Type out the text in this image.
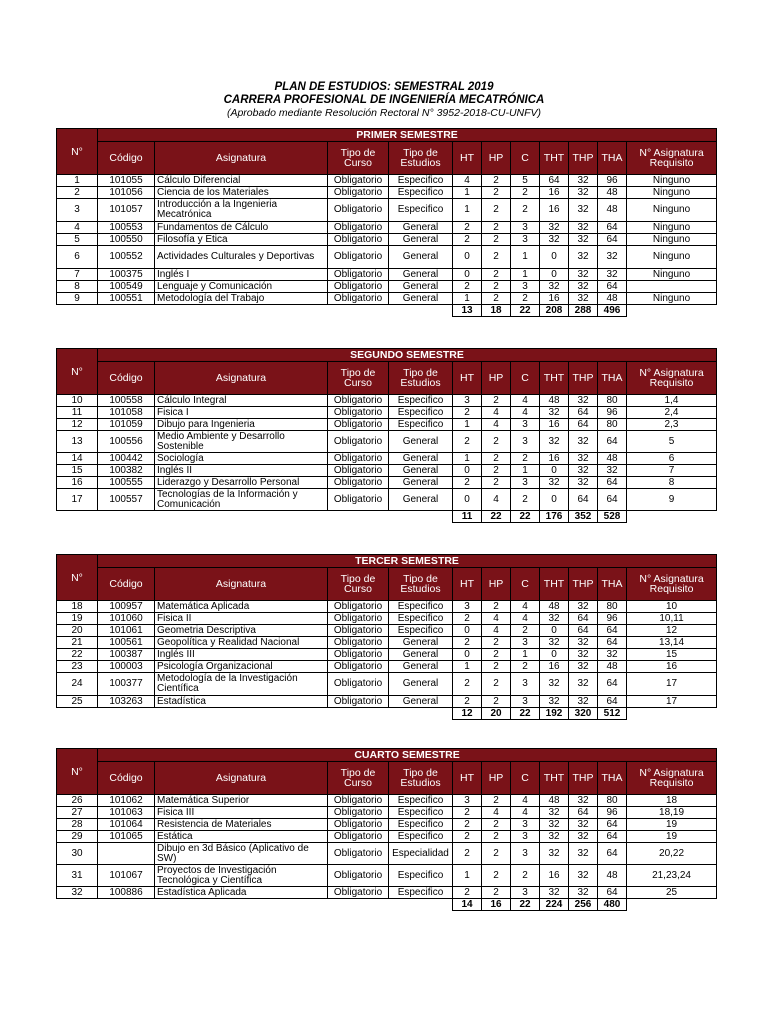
PLAN DE ESTUDIOS: SEMESTRAL 2019
CARRERA PROFESIONAL DE INGENIERÍA MECATRÓNICA
(Aprobado mediante Resolución Rectoral N° 3952-2018-CU-UNFV)
N°	PRIMER SEMESTRE										
	Código	Asignatura	Tipo de Curso	Tipo de Estudios	HT	HP	C	THT	THP	THA	N° Asignatura Requisito
1	101055	Cálculo Diferencial	Obligatorio	Especifico	4	2	5	64	32	96	Ninguno
2	101056	Ciencia de los Materiales	Obligatorio	Especifico	1	2	2	16	32	48	Ninguno
3	101057	Introducción a la Ingenieria Mecatrónica	Obligatorio	Especifico	1	2	2	16	32	48	Ninguno
4	100553	Fundamentos de Cálculo	Obligatorio	General	2	2	3	32	32	64	Ninguno
5	100550	Filosofía y Etica	Obligatorio	General	2	2	3	32	32	64	Ninguno
6	100552	Actividades Culturales y Deportivas	Obligatorio	General	0	2	1	0	32	32	Ninguno
7	100375	Inglés I	Obligatorio	General	0	2	1	0	32	32	Ninguno
8	100549	Lenguaje y Comunicación	Obligatorio	General	2	2	3	32	32	64	
9	100551	Metodología del Trabajo	Obligatorio	General	1	2	2	16	32	48	Ninguno
					13	18	22	208	288	496	
N°	SEGUNDO SEMESTRE										
	Código	Asignatura	Tipo de Curso	Tipo de Estudios	HT	HP	C	THT	THP	THA	N° Asignatura Requisito
10	100558	Cálculo Integral	Obligatorio	Especifico	3	2	4	48	32	80	1,4
11	101058	Fisica I	Obligatorio	Especifico	2	4	4	32	64	96	2,4
12	101059	Dibujo para Ingenieria	Obligatorio	Especifico	1	4	3	16	64	80	2,3
13	100556	Medio Ambiente y Desarrollo Sostenible	Obligatorio	General	2	2	3	32	32	64	5
14	100442	Sociología	Obligatorio	General	1	2	2	16	32	48	6
15	100382	Inglés II	Obligatorio	General	0	2	1	0	32	32	7
16	100555	Liderazgo y Desarrollo Personal	Obligatorio	General	2	2	3	32	32	64	8
17	100557	Tecnologías de la Información y Comunicación	Obligatorio	General	0	4	2	0	64	64	9
					11	22	22	176	352	528	
N°	TERCER SEMESTRE										
	Código	Asignatura	Tipo de Curso	Tipo de Estudios	HT	HP	C	THT	THP	THA	N° Asignatura Requisito
18	100957	Matemática Aplicada	Obligatorio	Especifico	3	2	4	48	32	80	10
19	101060	Fisica II	Obligatorio	Especifico	2	4	4	32	64	96	10,11
20	101061	Geometria Descriptiva	Obligatorio	Especifico	0	4	2	0	64	64	12
21	100561	Geopolítica y Realidad Nacional	Obligatorio	General	2	2	3	32	32	64	13,14
22	100387	Inglés III	Obligatorio	General	0	2	1	0	32	32	15
23	100003	Psicología Organizacional	Obligatorio	General	1	2	2	16	32	48	16
24	100377	Metodología de la Investigación Científica	Obligatorio	General	2	2	3	32	32	64	17
25	103263	Estadística	Obligatorio	General	2	2	3	32	32	64	17
					12	20	22	192	320	512	
N°	CUARTO SEMESTRE										
	Código	Asignatura	Tipo de Curso	Tipo de Estudios	HT	HP	C	THT	THP	THA	N° Asignatura Requisito
26	101062	Matemática Superior	Obligatorio	Especifico	3	2	4	48	32	80	18
27	101063	Fisica III	Obligatorio	Especifico	2	4	4	32	64	96	18,19
28	101064	Resistencia de Materiales	Obligatorio	Especifico	2	2	3	32	32	64	19
29	101065	Estática	Obligatorio	Especifico	2	2	3	32	32	64	19
30		Dibujo en 3d Básico (Aplicativo de SW)	Obligatorio	Especialidad	2	2	3	32	32	64	20,22
31	101067	Proyectos de Investigación Tecnológica y Científica	Obligatorio	Especifico	1	2	2	16	32	48	21,23,24
32	100886	Estadística Aplicada	Obligatorio	Especifico	2	2	3	32	32	64	25
					14	16	22	224	256	480	
